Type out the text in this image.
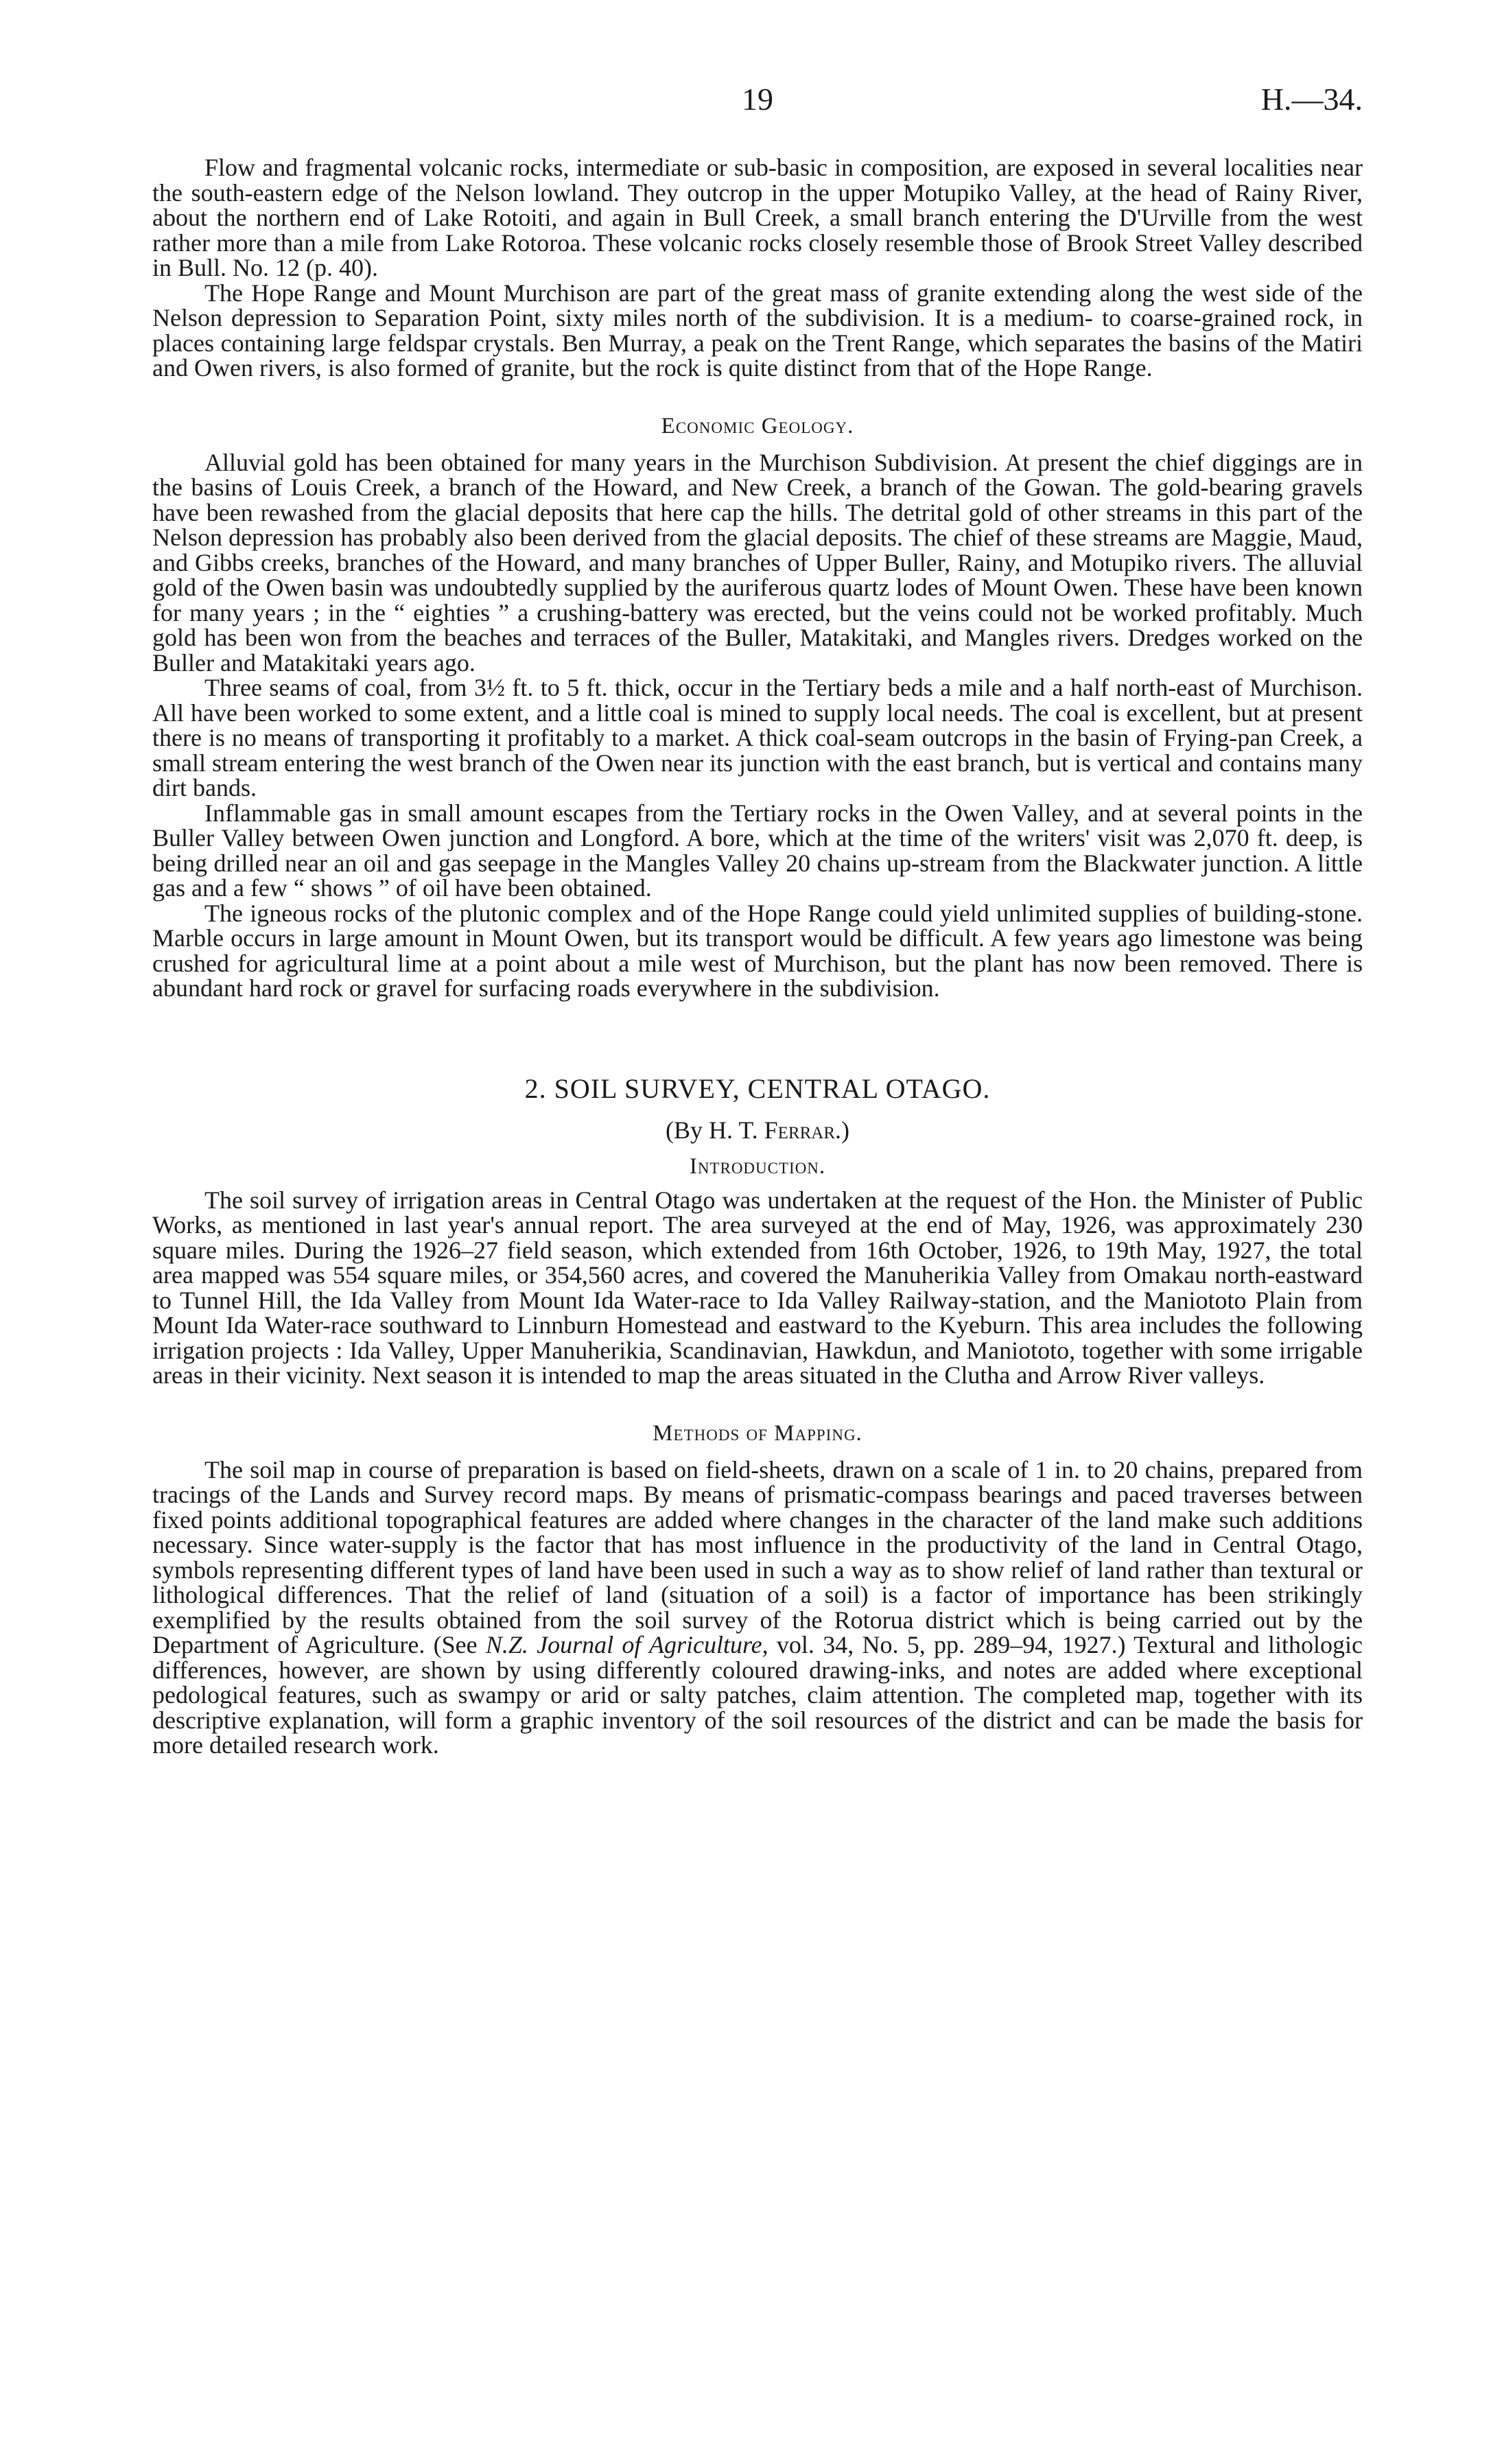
19	H.—34.

Flow and fragmental volcanic rocks, intermediate or sub-basic in composition, are exposed in several localities near the south-eastern edge of the Nelson lowland. They outcrop in the upper Motupiko Valley, at the head of Rainy River, about the northern end of Lake Rotoiti, and again in Bull Creek, a small branch entering the D'Urville from the west rather more than a mile from Lake Rotoroa. These volcanic rocks closely resemble those of Brook Street Valley described in Bull. No. 12 (p. 40).

The Hope Range and Mount Murchison are part of the great mass of granite extending along the west side of the Nelson depression to Separation Point, sixty miles north of the subdivision. It is a medium- to coarse-grained rock, in places containing large feldspar crystals. Ben Murray, a peak on the Trent Range, which separates the basins of the Matiri and Owen rivers, is also formed of granite, but the rock is quite distinct from that of the Hope Range.

Economic Geology.

Alluvial gold has been obtained for many years in the Murchison Subdivision. At present the chief diggings are in the basins of Louis Creek, a branch of the Howard, and New Creek, a branch of the Gowan. The gold-bearing gravels have been rewashed from the glacial deposits that here cap the hills. The detrital gold of other streams in this part of the Nelson depression has probably also been derived from the glacial deposits. The chief of these streams are Maggie, Maud, and Gibbs creeks, branches of the Howard, and many branches of Upper Buller, Rainy, and Motupiko rivers. The alluvial gold of the Owen basin was undoubtedly supplied by the auriferous quartz lodes of Mount Owen. These have been known for many years ; in the “ eighties ” a crushing-battery was erected, but the veins could not be worked profitably. Much gold has been won from the beaches and terraces of the Buller, Matakitaki, and Mangles rivers. Dredges worked on the Buller and Matakitaki years ago.

Three seams of coal, from 3½ ft. to 5 ft. thick, occur in the Tertiary beds a mile and a half north-east of Murchison. All have been worked to some extent, and a little coal is mined to supply local needs. The coal is excellent, but at present there is no means of transporting it profitably to a market. A thick coal-seam outcrops in the basin of Frying-pan Creek, a small stream entering the west branch of the Owen near its junction with the east branch, but is vertical and contains many dirt bands.

Inflammable gas in small amount escapes from the Tertiary rocks in the Owen Valley, and at several points in the Buller Valley between Owen junction and Longford. A bore, which at the time of the writers' visit was 2,070 ft. deep, is being drilled near an oil and gas seepage in the Mangles Valley 20 chains up-stream from the Blackwater junction. A little gas and a few “ shows ” of oil have been obtained.

The igneous rocks of the plutonic complex and of the Hope Range could yield unlimited supplies of building-stone. Marble occurs in large amount in Mount Owen, but its transport would be difficult. A few years ago limestone was being crushed for agricultural lime at a point about a mile west of Murchison, but the plant has now been removed. There is abundant hard rock or gravel for surfacing roads everywhere in the subdivision.

2. SOIL SURVEY, CENTRAL OTAGO.
(By H. T. Ferrar.)
Introduction.

The soil survey of irrigation areas in Central Otago was undertaken at the request of the Hon. the Minister of Public Works, as mentioned in last year's annual report. The area surveyed at the end of May, 1926, was approximately 230 square miles. During the 1926–27 field season, which extended from 16th October, 1926, to 19th May, 1927, the total area mapped was 554 square miles, or 354,560 acres, and covered the Manuherikia Valley from Omakau north-eastward to Tunnel Hill, the Ida Valley from Mount Ida Water-race to Ida Valley Railway-station, and the Maniototo Plain from Mount Ida Water-race southward to Linnburn Homestead and eastward to the Kyeburn. This area includes the following irrigation projects : Ida Valley, Upper Manuherikia, Scandinavian, Hawkdun, and Maniototo, together with some irrigable areas in their vicinity. Next season it is intended to map the areas situated in the Clutha and Arrow River valleys.

Methods of Mapping.

The soil map in course of preparation is based on field-sheets, drawn on a scale of 1 in. to 20 chains, prepared from tracings of the Lands and Survey record maps. By means of prismatic-compass bearings and paced traverses between fixed points additional topographical features are added where changes in the character of the land make such additions necessary. Since water-supply is the factor that has most influence in the productivity of the land in Central Otago, symbols representing different types of land have been used in such a way as to show relief of land rather than textural or lithological differences. That the relief of land (situation of a soil) is a factor of importance has been strikingly exemplified by the results obtained from the soil survey of the Rotorua district which is being carried out by the Department of Agriculture. (See N.Z. Journal of Agriculture, vol. 34, No. 5, pp. 289–94, 1927.) Textural and lithologic differences, however, are shown by using differently coloured drawing-inks, and notes are added where exceptional pedological features, such as swampy or arid or salty patches, claim attention. The completed map, together with its descriptive explanation, will form a graphic inventory of the soil resources of the district and can be made the basis for more detailed research work.
